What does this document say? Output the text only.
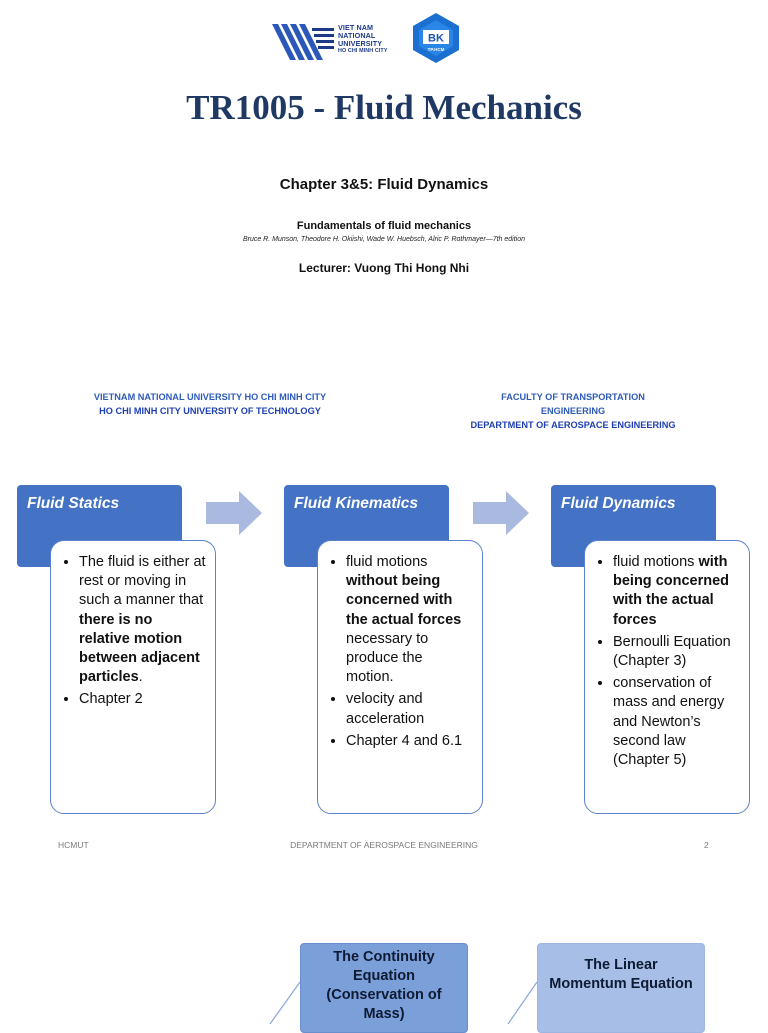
VIET NAM
NATIONAL
UNIVERSITY
HO CHI MINH CITY
BK
TP.HCM
TR1005 - Fluid Mechanics
Chapter 3&5: Fluid Dynamics
Fundamentals of fluid mechanics
Bruce R. Munson, Theodore H. Okiishi, Wade W. Huebsch, Alric P. Rothmayer—7th edition
Lecturer: Vuong Thi Hong Nhi
VIETNAM NATIONAL UNIVERSITY HO CHI MINH CITY
HO CHI MINH CITY UNIVERSITY OF TECHNOLOGY
FACULTY OF TRANSPORTATION
ENGINEERING
DEPARTMENT OF AEROSPACE ENGINEERING
Fluid Statics
• The fluid is either at rest or moving in such a manner that there is no relative motion between adjacent particles.
• Chapter 2
Fluid Kinematics
• fluid motions without being concerned with the actual forces necessary to produce the motion.
• velocity and acceleration
• Chapter 4 and 6.1
Fluid Dynamics
• fluid motions with being concerned with the actual forces
• Bernoulli Equation (Chapter 3)
• conservation of mass and energy and Newton’s second law (Chapter 5)
HCMUT	DEPARTMENT OF AEROSPACE ENGINEERING	2
The Continuity
Equation
(Conservation of
Mass)
The Linear
Momentum Equation
